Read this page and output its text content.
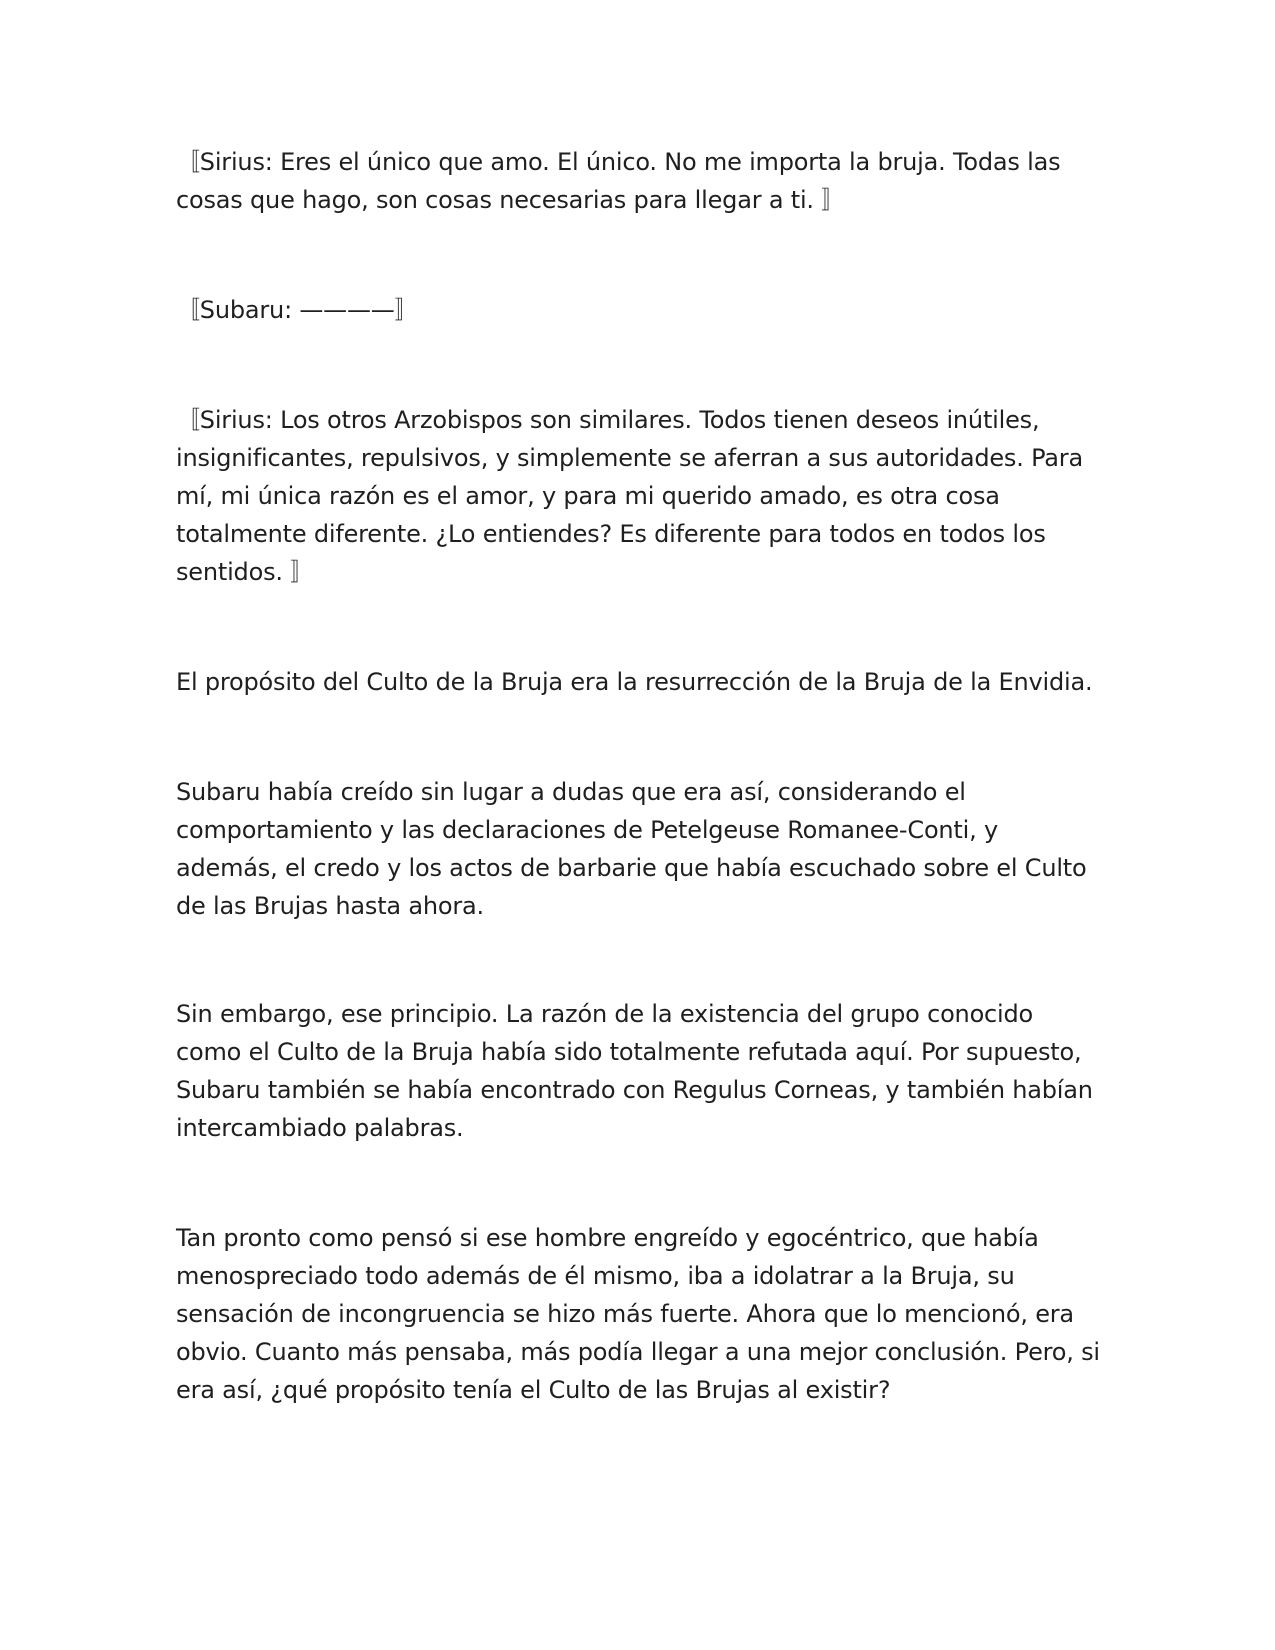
〚Sirius: Eres el único que amo. El único. No me importa la bruja. Todas las cosas que hago, son cosas necesarias para llegar a ti. 〛

〚Subaru: ————〛

〚Sirius: Los otros Arzobispos son similares. Todos tienen deseos inútiles, insignificantes, repulsivos, y simplemente se aferran a sus autoridades. Para mí, mi única razón es el amor, y para mi querido amado, es otra cosa totalmente diferente. ¿Lo entiendes? Es diferente para todos en todos los sentidos. 〛

El propósito del Culto de la Bruja era la resurrección de la Bruja de la Envidia.

Subaru había creído sin lugar a dudas que era así, considerando el comportamiento y las declaraciones de Petelgeuse Romanee-Conti, y además, el credo y los actos de barbarie que había escuchado sobre el Culto de las Brujas hasta ahora.

Sin embargo, ese principio. La razón de la existencia del grupo conocido como el Culto de la Bruja había sido totalmente refutada aquí. Por supuesto, Subaru también se había encontrado con Regulus Corneas, y también habían intercambiado palabras.

Tan pronto como pensó si ese hombre engreído y egocéntrico, que había menospreciado todo además de él mismo, iba a idolatrar a la Bruja, su sensación de incongruencia se hizo más fuerte. Ahora que lo mencionó, era obvio. Cuanto más pensaba, más podía llegar a una mejor conclusión. Pero, si era así, ¿qué propósito tenía el Culto de las Brujas al existir?
